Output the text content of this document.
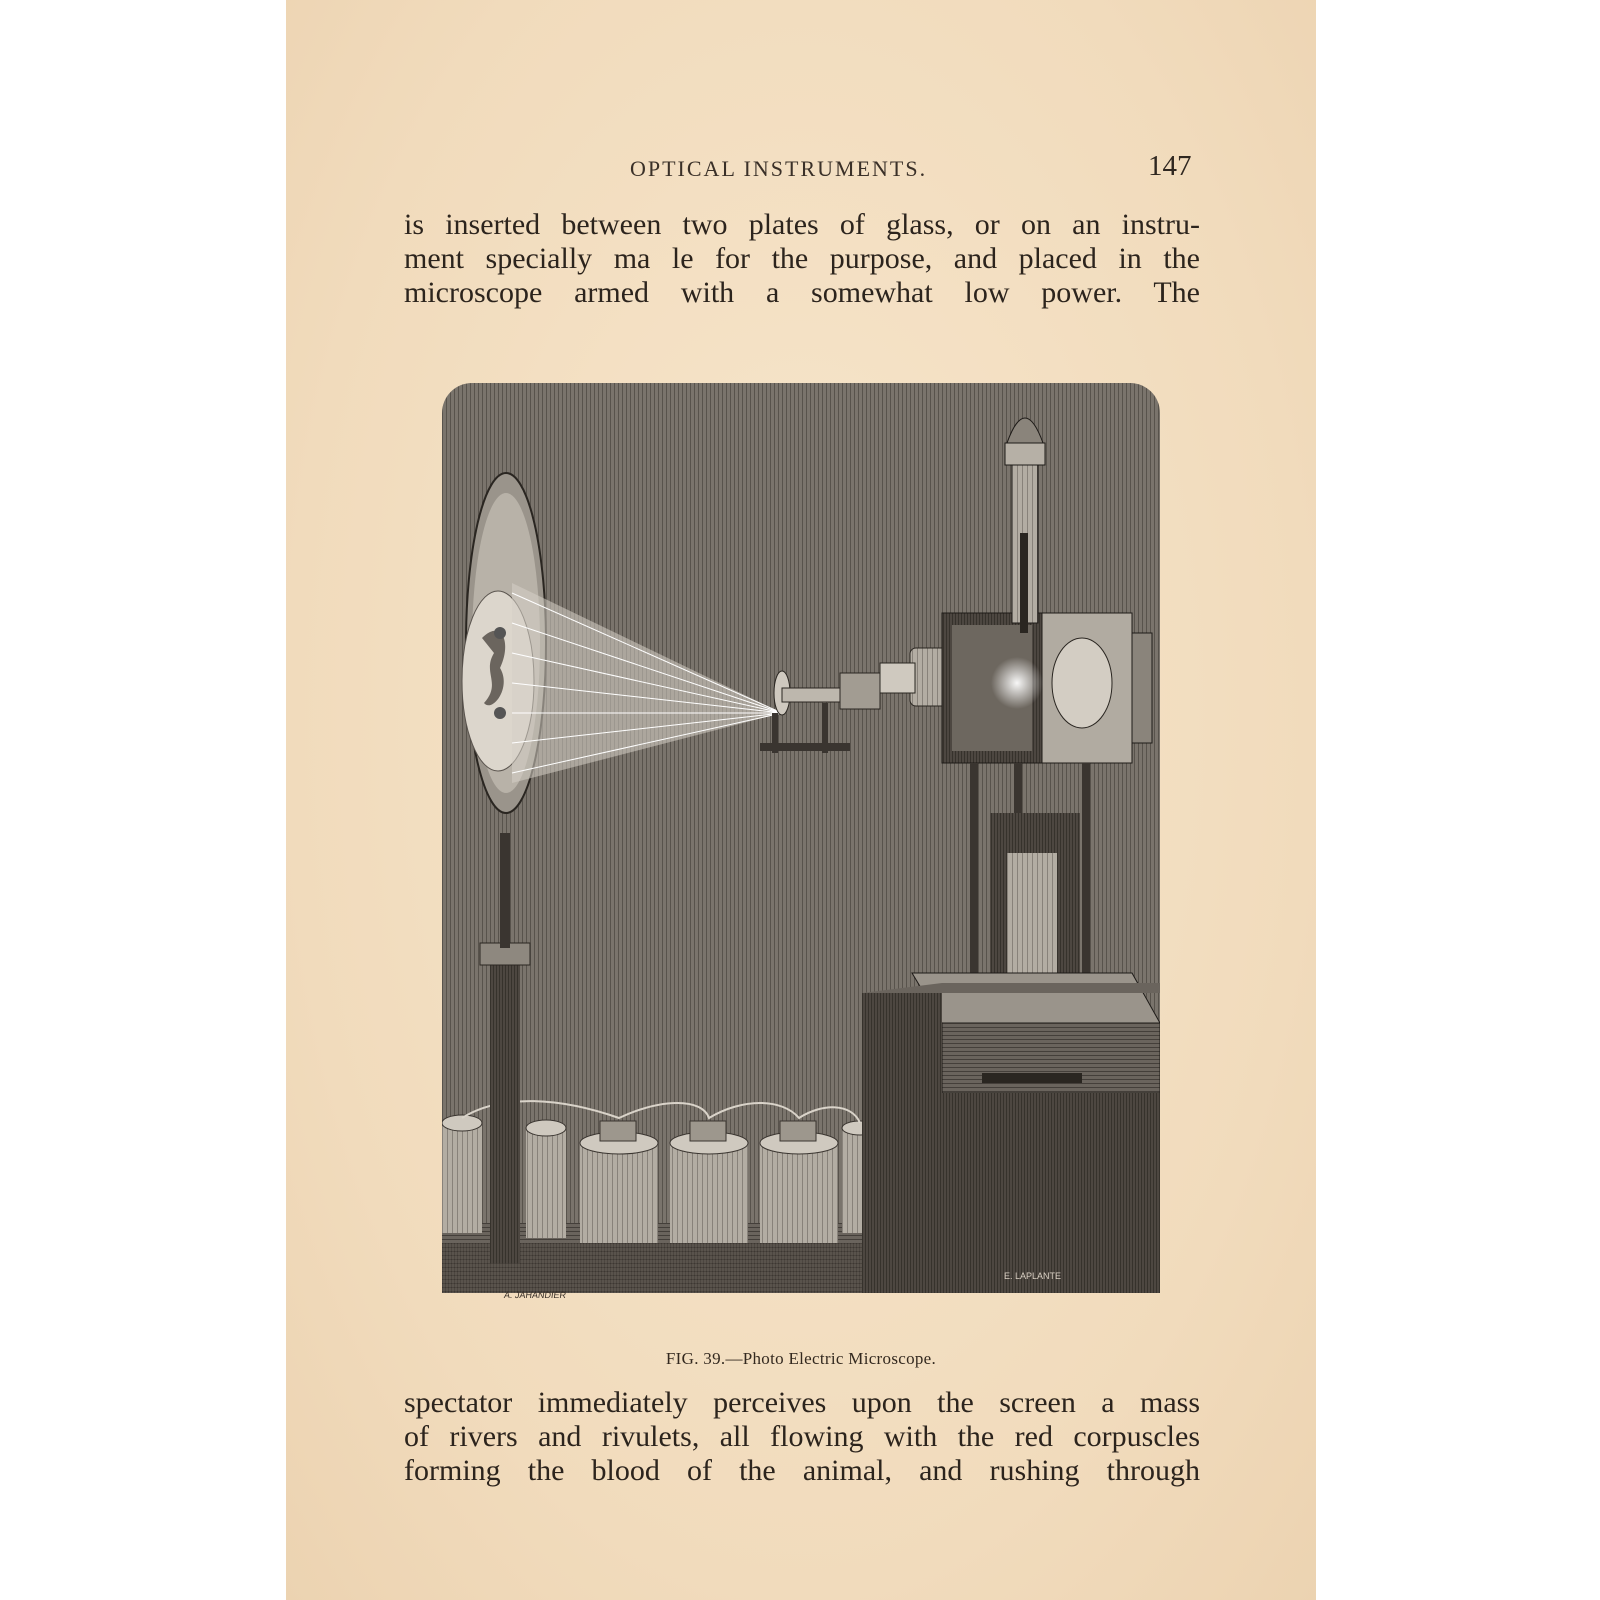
OPTICAL INSTRUMENTS.	147
is inserted between two plates of glass, or on an instru-
ment specially ma le for the purpose, and placed in the
microscope armed with a somewhat low power. The
A. JAHANDIER
E. LAPLANTE
FIG. 39.—Photo Electric Microscope.
spectator immediately perceives upon the screen a mass
of rivers and rivulets, all flowing with the red corpuscles
forming the blood of the animal, and rushing through
